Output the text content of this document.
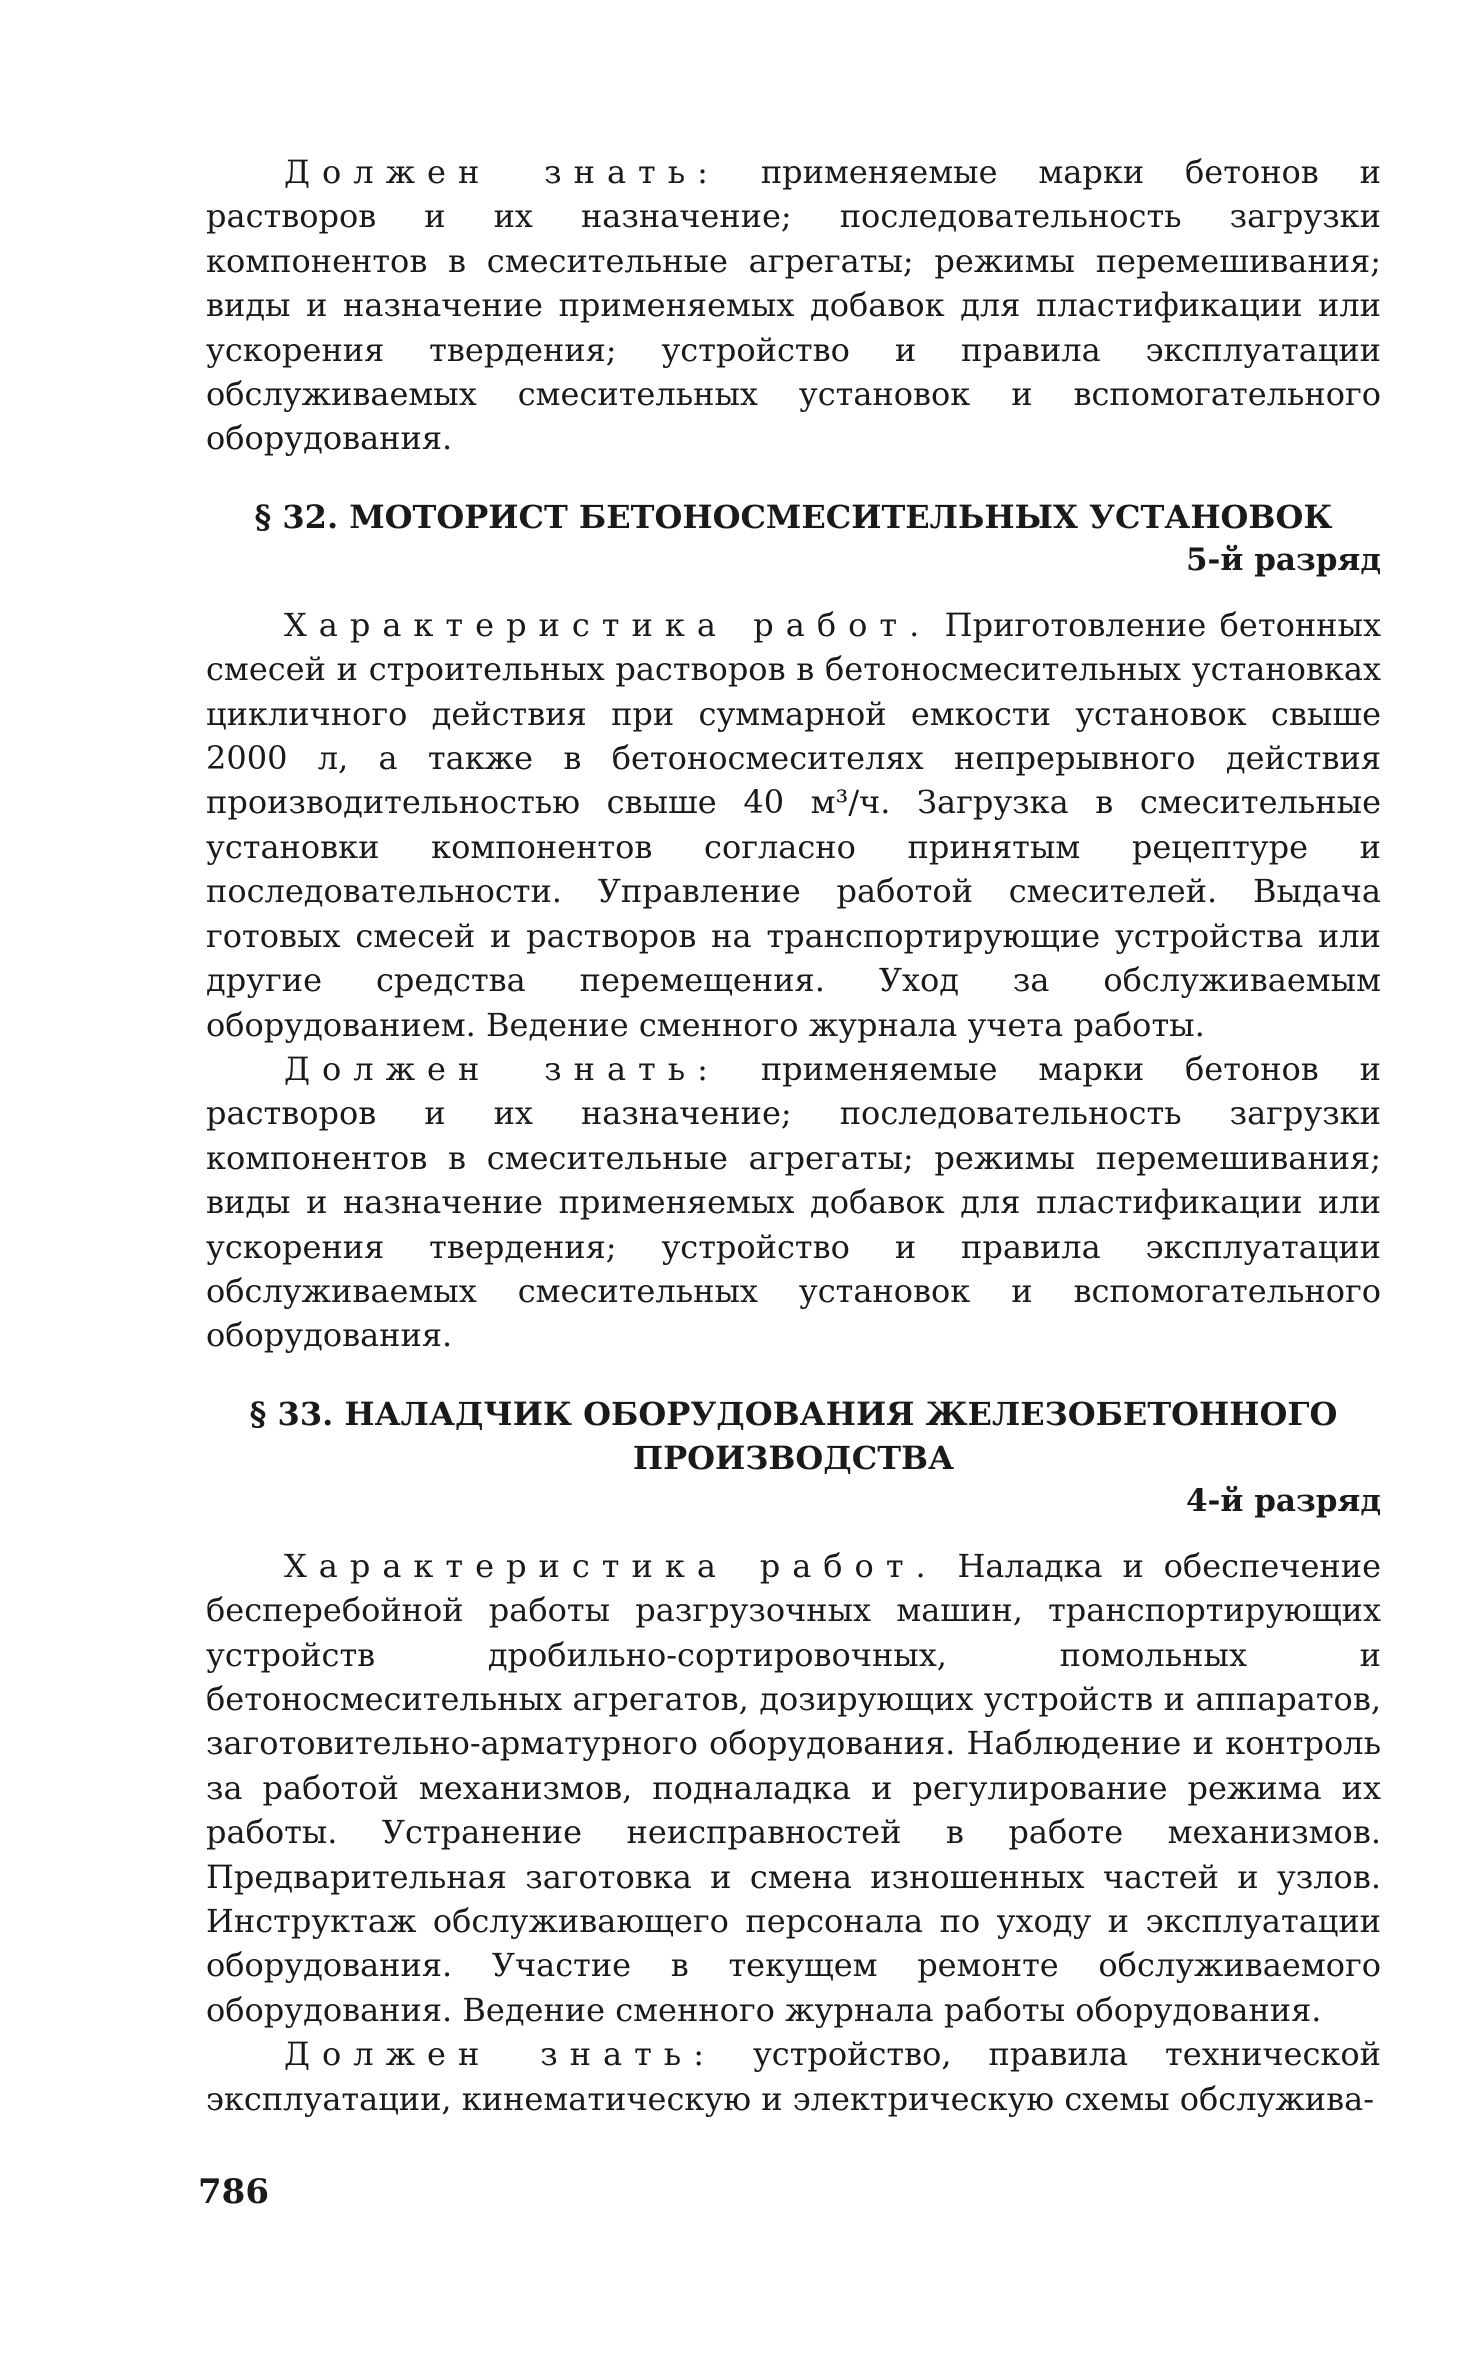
Должен знать: применяемые марки бетонов и растворов и их назначение; последовательность загрузки компонентов в смесительные агрегаты; режимы перемешивания; виды и назначение применяемых добавок для пластификации или ускорения твердения; устройство и правила эксплуатации обслуживаемых смесительных установок и вспомогательного оборудования.

§ 32. МОТОРИСТ БЕТОНОСМЕСИТЕЛЬНЫХ УСТАНОВОК

5-й разряд

Характеристика работ. Приготовление бетонных смесей и строительных растворов в бетоносмесительных установках цикличного действия при суммарной емкости установок свыше 2000 л, а также в бетоносмесителях непрерывного действия производительностью свыше 40 м³/ч. Загрузка в смесительные установки компонентов согласно принятым рецептуре и последовательности. Управление работой смесителей. Выдача готовых смесей и растворов на транспортирующие устройства или другие средства перемещения. Уход за обслуживаемым оборудованием. Ведение сменного журнала учета работы.

Должен знать: применяемые марки бетонов и растворов и их назначение; последовательность загрузки компонентов в смесительные агрегаты; режимы перемешивания; виды и назначение применяемых добавок для пластификации или ускорения твердения; устройство и правила эксплуатации обслуживаемых смесительных установок и вспомогательного оборудования.

§ 33. НАЛАДЧИК ОБОРУДОВАНИЯ ЖЕЛЕЗОБЕТОННОГО

ПРОИЗВОДСТВА

4-й разряд

Характеристика работ. Наладка и обеспечение бесперебойной работы разгрузочных машин, транспортирующих устройств дробильно-сортировочных, помольных и бетоносмесительных агрегатов, дозирующих устройств и аппаратов, заготовительно-арматурного оборудования. Наблюдение и контроль за работой механизмов, подналадка и регулирование режима их работы. Устранение неисправностей в работе механизмов. Предварительная заготовка и смена изношенных частей и узлов. Инструктаж обслуживающего персонала по уходу и эксплуатации оборудования. Участие в текущем ремонте обслуживаемого оборудования. Ведение сменного журнала работы оборудования.

Должен знать: устройство, правила технической эксплуатации, кинематическую и электрическую схемы обслужива-

786
